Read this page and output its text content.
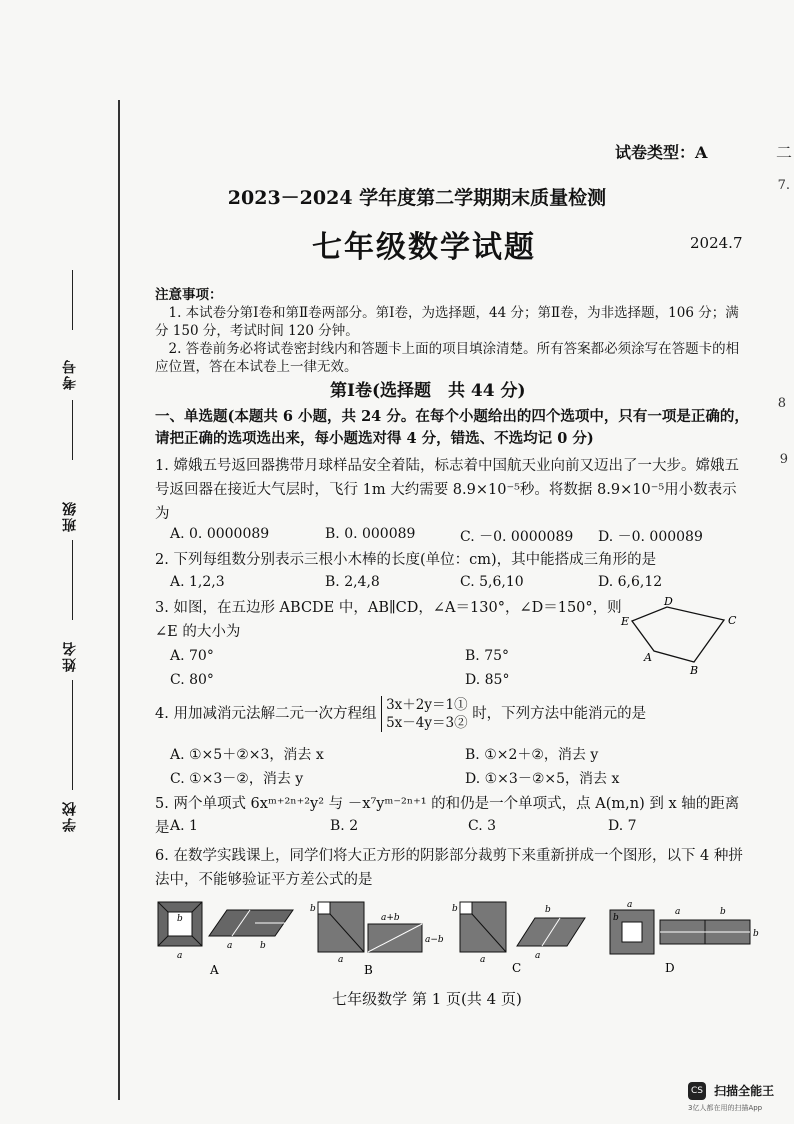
考号
班级
姓名
学校
二
7.
8
9
试卷类型：A
2023－2024 学年度第二学期期末质量检测
七年级数学试题	2024.7

注意事项：

1. 本试卷分第Ⅰ卷和第Ⅱ卷两部分。第Ⅰ卷，为选择题，44 分；第Ⅱ卷，为非选择题，106 分；满分 150 分，考试时间 120 分钟。

2. 答卷前务必将试卷密封线内和答题卡上面的项目填涂清楚。所有答案都必须涂写在答题卡的相应位置，答在本试卷上一律无效。

第Ⅰ卷(选择题　共 44 分)
一、单选题(本题共 6 小题，共 24 分。在每个小题给出的四个选项中，只有一项是正确的，请把正确的选项选出来，每小题选对得 4 分，错选、不选均记 0 分)
1. 嫦娥五号返回器携带月球样品安全着陆，标志着中国航天业向前又迈出了一大步。嫦娥五号返回器在接近大气层时，飞行 1m 大约需要 8.9×10⁻⁵秒。将数据 8.9×10⁻⁵用小数表示为
A. 0. 0000089	B. 0. 000089	C. －0. 0000089 D. －0. 000089
2. 下列每组数分别表示三根小木棒的长度(单位：cm)，其中能搭成三角形的是
A. 1,2,3	B. 2,4,8	C. 5,6,10	D. 6,6,12

3. 如图，在五边形 ABCDE 中，AB∥CD，∠A＝130°，∠D＝150°，则

∠E 的大小为

A. 70°	B. 75°
C. 80°	D. 85°
E
D
C
B
A
4. 用加减消元法解二元一次方程组
3x＋2y＝1①
5x－4y＝3②
时，下列方法中能消元的是
A. ①×5＋②×3，消去 x	B. ①×2＋②，消去 y
C. ①×3－②，消去 y	D. ①×3－②×5，消去 x
5. 两个单项式 6xᵐ⁺²ⁿ⁺²y² 与 －x⁷yᵐ⁻²ⁿ⁺¹ 的和仍是一个单项式，点 A(m,n) 到 x 轴的距离是 A. 1	B. 2	C. 3	D. 7
6. 在数学实践课上，同学们将大正方形的阴影部分裁剪下来重新拼成一个图形，以下 4 种拼法中，不能够验证平方差公式的是
b
a
a	b
A
b
a
a+b
a−b
B
b
a
b
a
C
a
b
a	b
b
D
七年级数学 第 1 页(共 4 页)
CS 扫描全能王
3亿人都在用的扫描App
